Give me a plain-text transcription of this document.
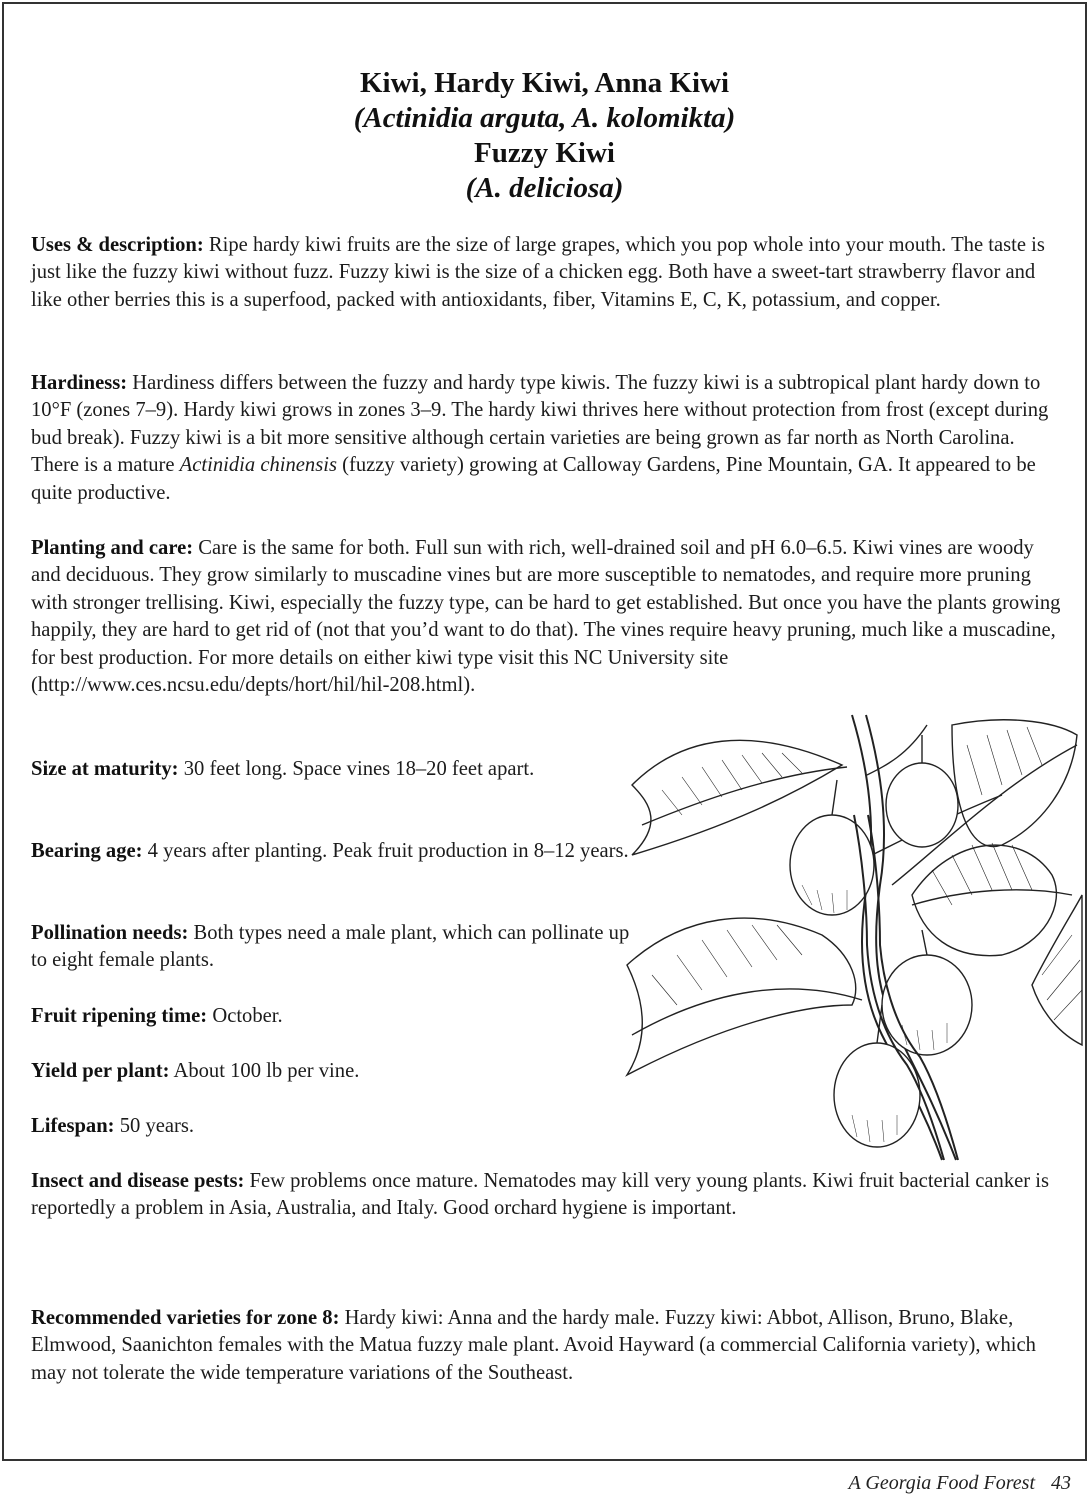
Kiwi, Hardy Kiwi, Anna Kiwi
(Actinidia arguta, A. kolomikta)
Fuzzy Kiwi
(A. deliciosa)

Uses & description: Ripe hardy kiwi fruits are the size of large grapes, which you pop whole into your mouth. The taste is just like the fuzzy kiwi without fuzz. Fuzzy kiwi is the size of a chicken egg. Both have a sweet-tart strawberry flavor and like other berries this is a superfood, packed with antioxidants, fiber, Vitamins E, C, K, potassium, and copper.

Hardiness: Hardiness differs between the fuzzy and hardy type kiwis. The fuzzy kiwi is a subtropical plant hardy down to 10°F (zones 7–9). Hardy kiwi grows in zones 3–9. The hardy kiwi thrives here without protection from frost (except during bud break). Fuzzy kiwi is a bit more sensitive although certain varieties are being grown as far north as North Carolina. There is a mature Actinidia chinensis (fuzzy variety) growing at Calloway Gardens, Pine Mountain, GA. It appeared to be quite productive.

Planting and care: Care is the same for both. Full sun with rich, well-drained soil and pH 6.0–6.5. Kiwi vines are woody and deciduous. They grow similarly to muscadine vines but are more susceptible to nematodes, and require more pruning with stronger trellising. Kiwi, especially the fuzzy type, can be hard to get established. But once you have the plants growing happily, they are hard to get rid of (not that you’d want to do that). The vines require heavy pruning, much like a muscadine, for best production. For more details on either kiwi type visit this NC University site
(http://www.ces.ncsu.edu/depts/hort/hil/hil-208.html).

Size at maturity: 30 feet long. Space vines 18–20 feet apart.

Bearing age: 4 years after planting. Peak fruit production in 8–12 years.

Pollination needs: Both types need a male plant, which can pollinate up to eight female plants.

Fruit ripening time: October.

Yield per plant: About 100 lb per vine.

Lifespan: 50 years.

Insect and disease pests: Few problems once mature. Nematodes may kill very young plants. Kiwi fruit bacterial canker is reportedly a problem in Asia, Australia, and Italy. Good orchard hygiene is important.

Recommended varieties for zone 8: Hardy kiwi: Anna and the hardy male. Fuzzy kiwi: Abbot, Allison, Bruno, Blake, Elmwood, Saanichton females with the Matua fuzzy male plant. Avoid Hayward (a commercial California variety), which may not tolerate the wide temperature variations of the Southeast.

A Georgia Food Forest 43
